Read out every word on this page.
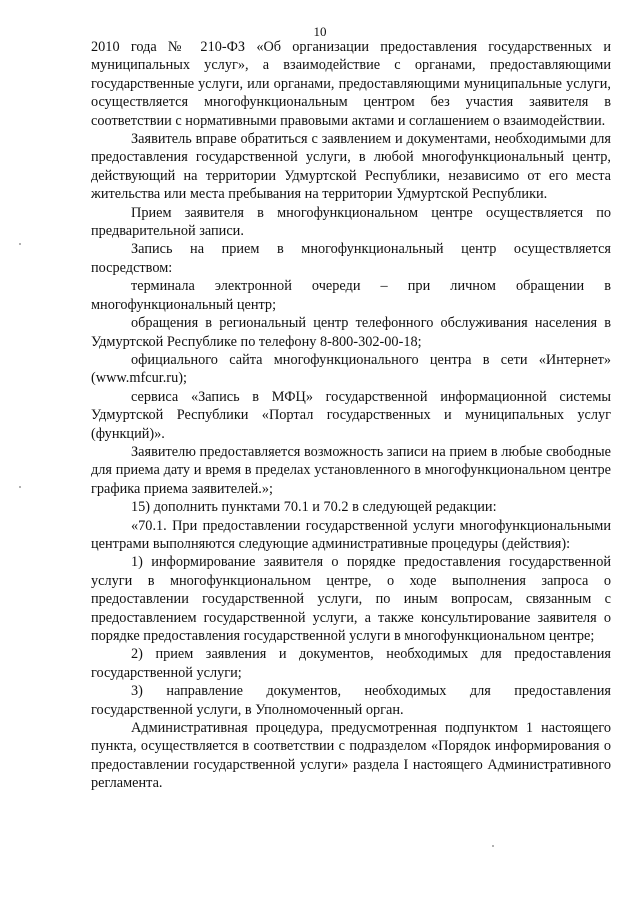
10

2010 года № 210-ФЗ «Об организации предоставления государственных и муниципальных услуг», а взаимодействие с органами, предоставляющими государственные услуги, или органами, предоставляющими муниципальные услуги, осуществляется многофункциональным центром без участия заявителя в соответствии с нормативными правовыми актами и соглашением о взаимодействии.

Заявитель вправе обратиться с заявлением и документами, необходимыми для предоставления государственной услуги, в любой многофункциональный центр, действующий на территории Удмуртской Республики, независимо от его места жительства или места пребывания на территории Удмуртской Республики.

Прием заявителя в многофункциональном центре осуществляется по предварительной записи.

Запись на прием в многофункциональный центр осуществляется посредством:

терминала электронной очереди – при личном обращении в многофункциональный центр;

обращения в региональный центр телефонного обслуживания населения в Удмуртской Республике по телефону 8-800-302-00-18;

официального сайта многофункционального центра в сети «Интернет» (www.mfcur.ru);

сервиса «Запись в МФЦ» государственной информационной системы Удмуртской Республики «Портал государственных и муниципальных услуг (функций)».

Заявителю предоставляется возможность записи на прием в любые свободные для приема дату и время в пределах установленного в многофункциональном центре графика приема заявителей.»;

15) дополнить пунктами 70.1 и 70.2 в следующей редакции:

«70.1. При предоставлении государственной услуги многофункциональными центрами выполняются следующие административные процедуры (действия):

1) информирование заявителя о порядке предоставления государственной услуги в многофункциональном центре, о ходе выполнения запроса о предоставлении государственной услуги, по иным вопросам, связанным с предоставлением государственной услуги, а также консультирование заявителя о порядке предоставления государственной услуги в многофункциональном центре;

2) прием заявления и документов, необходимых для предоставления государственной услуги;

3) направление документов, необходимых для предоставления государственной услуги, в Уполномоченный орган.

Административная процедура, предусмотренная подпунктом 1 настоящего пункта, осуществляется в соответствии с подразделом «Порядок информирования о предоставлении государственной услуги» раздела I настоящего Административного регламента.
